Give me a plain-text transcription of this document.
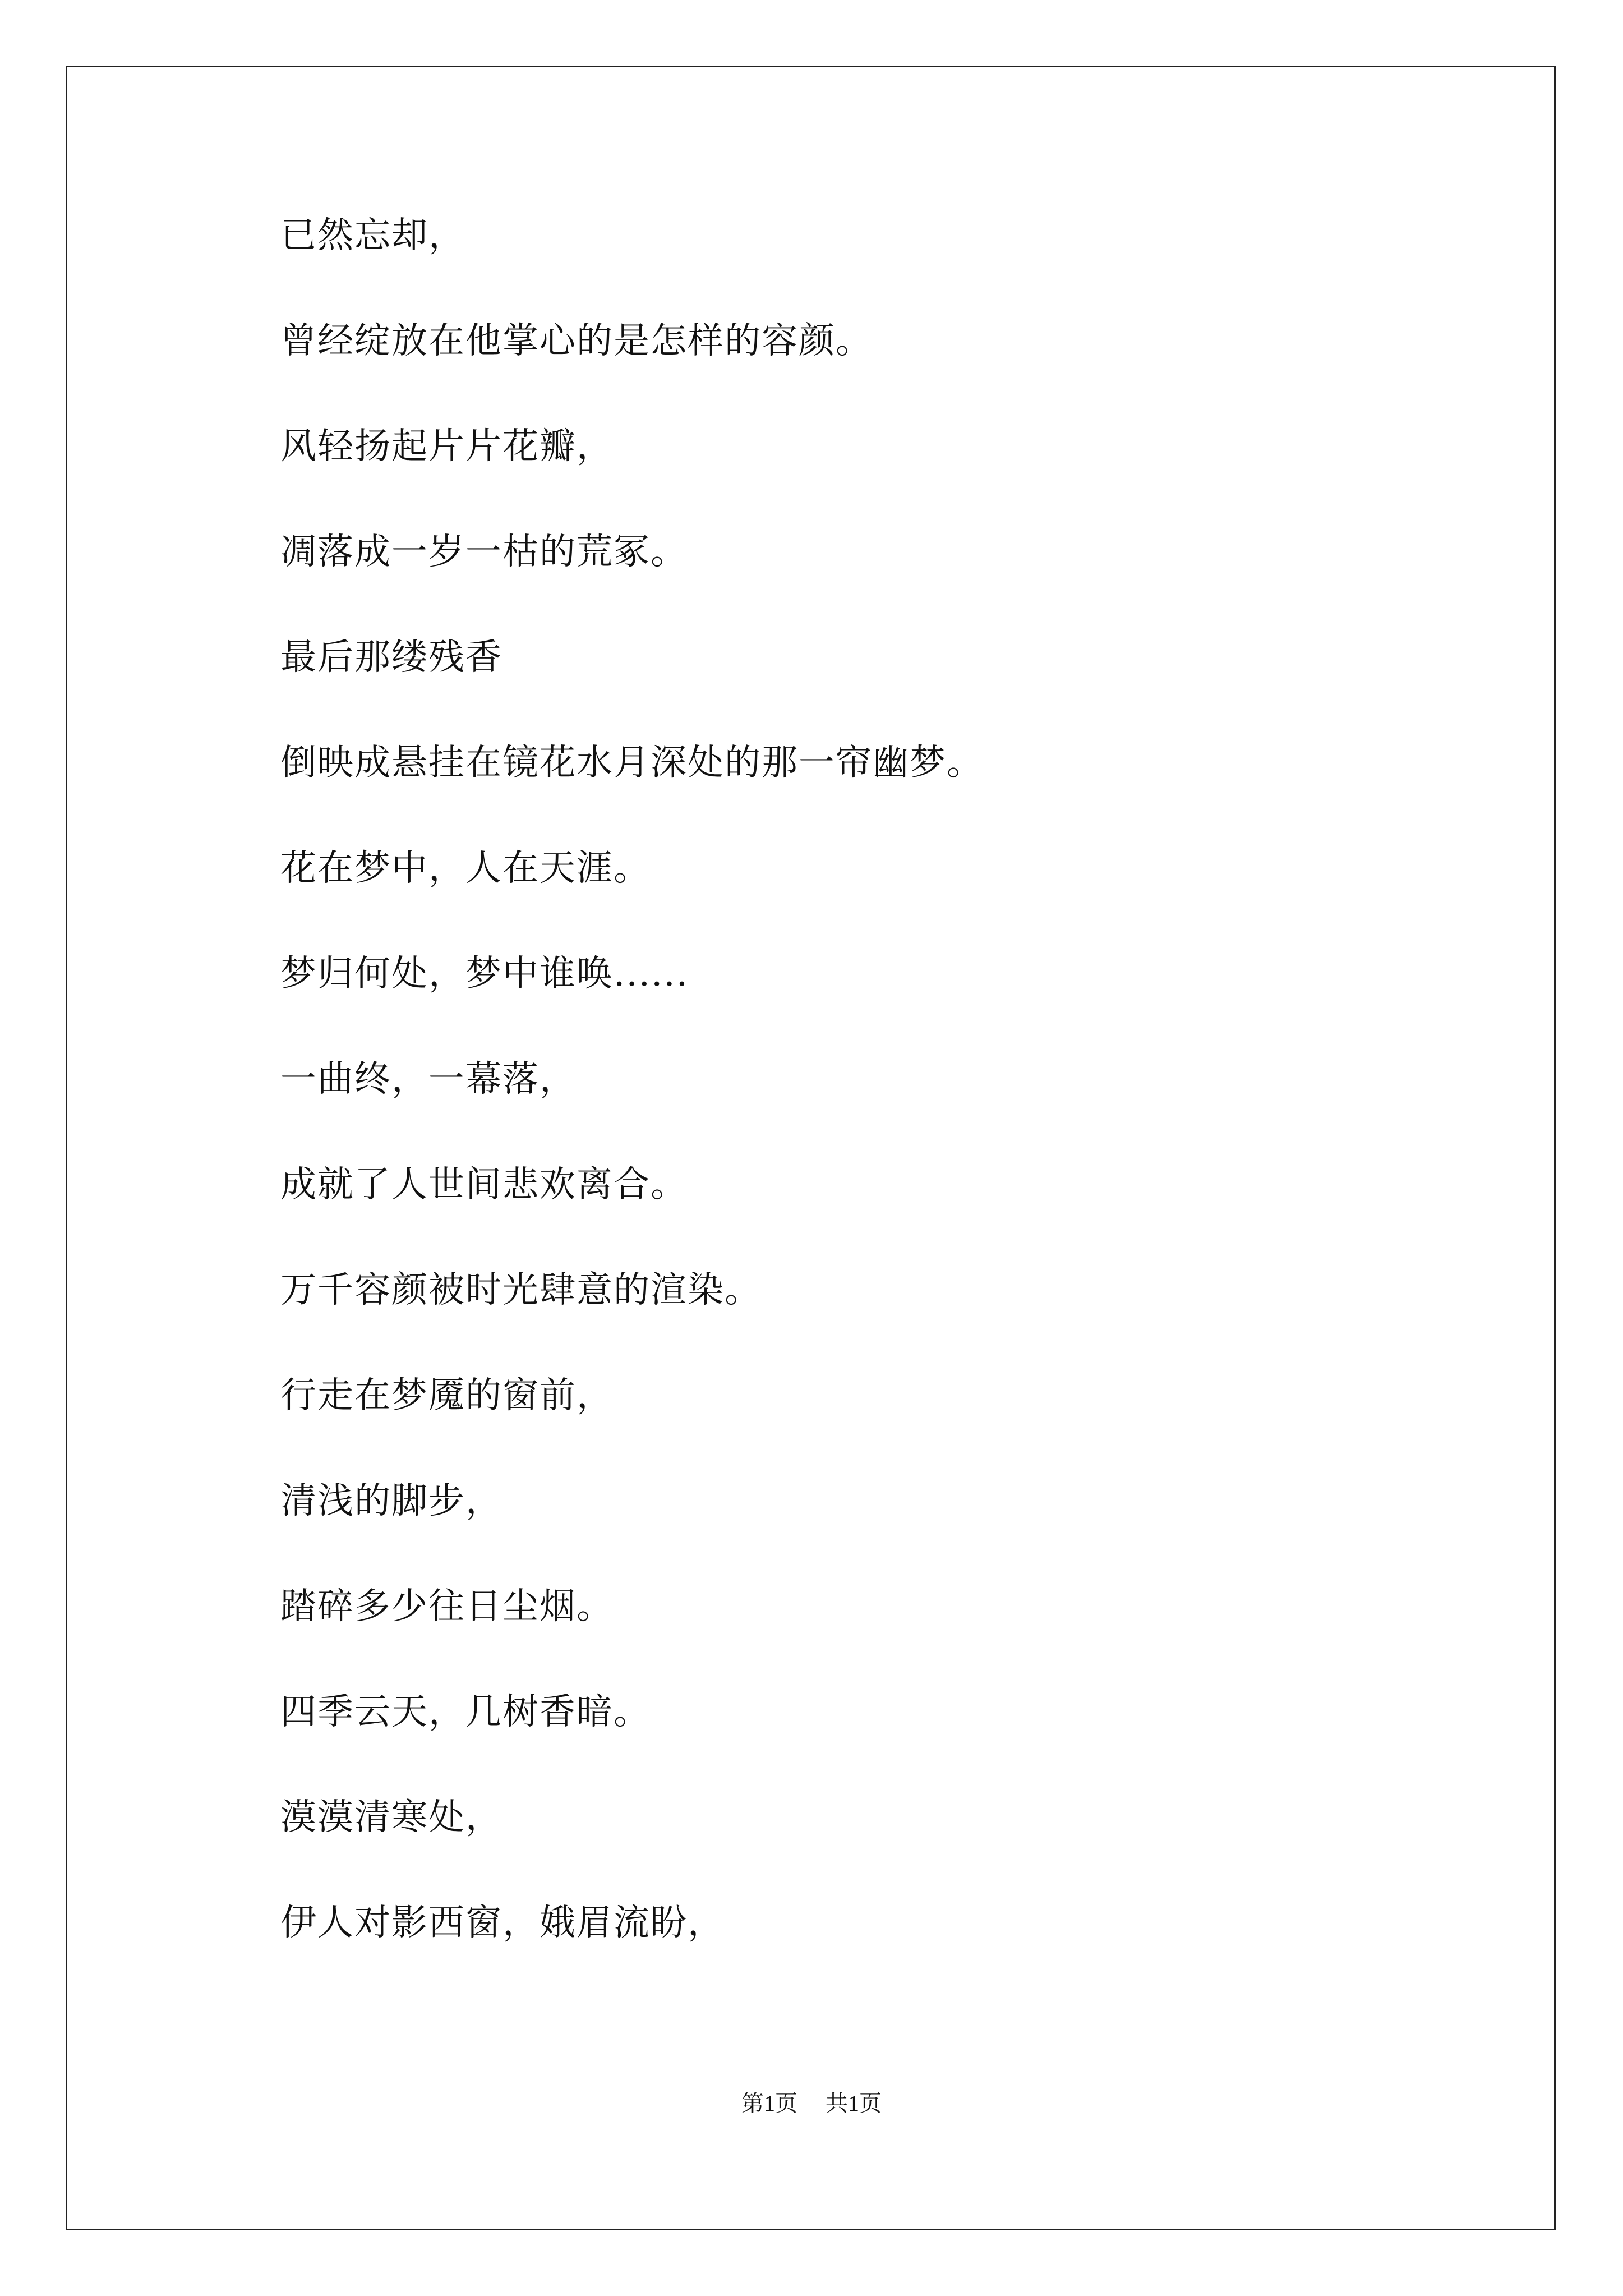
已然忘却，
曾经绽放在他掌心的是怎样的容颜。
风轻扬起片片花瓣，
凋落成一岁一枯的荒冢。
最后那缕残香
倒映成悬挂在镜花水月深处的那一帘幽梦。
花在梦中，人在天涯。
梦归何处，梦中谁唤......
一曲终，一幕落，
成就了人世间悲欢离合。
万千容颜被时光肆意的渲染。
行走在梦魇的窗前，
清浅的脚步，
踏碎多少往日尘烟。
四季云天，几树香暗。
漠漠清寒处，
伊人对影西窗，娥眉流盼，
第1页 共1页
